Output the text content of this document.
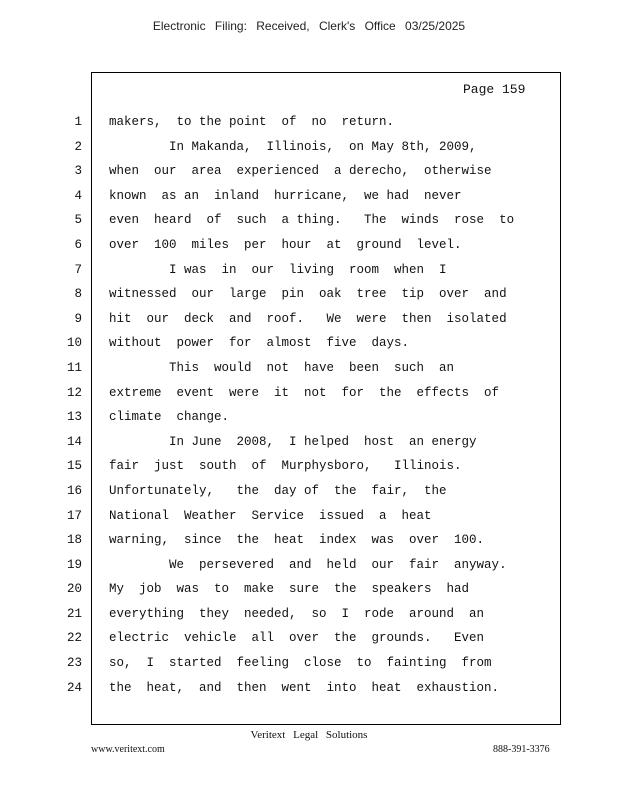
Electronic Filing: Received, Clerk's Office 03/25/2025
Page 159
1
2
3
4
5
6
7
8
9
10
11
12
13
14
15
16
17
18
19
20
21
22
23
24
makers,  to the point  of  no  return.
In Makanda,  Illinois,  on May 8th, 2009,
when  our  area  experienced  a derecho,  otherwise
known  as an  inland  hurricane,  we had  never
even  heard  of  such  a thing.   The  winds  rose  to
over  100  miles  per  hour  at  ground  level.
I was  in  our  living  room  when  I
witnessed  our  large  pin  oak  tree  tip  over  and
hit  our  deck  and  roof.   We  were  then  isolated
without  power  for  almost  five  days.
This  would  not  have  been  such  an
extreme  event  were  it  not  for  the  effects  of
climate  change.
In June  2008,  I helped  host  an energy
fair  just  south  of  Murphysboro,   Illinois.
Unfortunately,   the  day of  the  fair,  the
National  Weather  Service  issued  a  heat
warning,  since  the  heat  index  was  over  100.
We  persevered  and  held  our  fair  anyway.
My  job  was  to  make  sure  the  speakers  had
everything  they  needed,  so  I  rode  around  an
electric  vehicle  all  over  the  grounds.   Even
so,  I  started  feeling  close  to  fainting  from
the  heat,  and  then  went  into  heat  exhaustion.
Veritext Legal Solutions
www.veritext.com	888-391-3376
